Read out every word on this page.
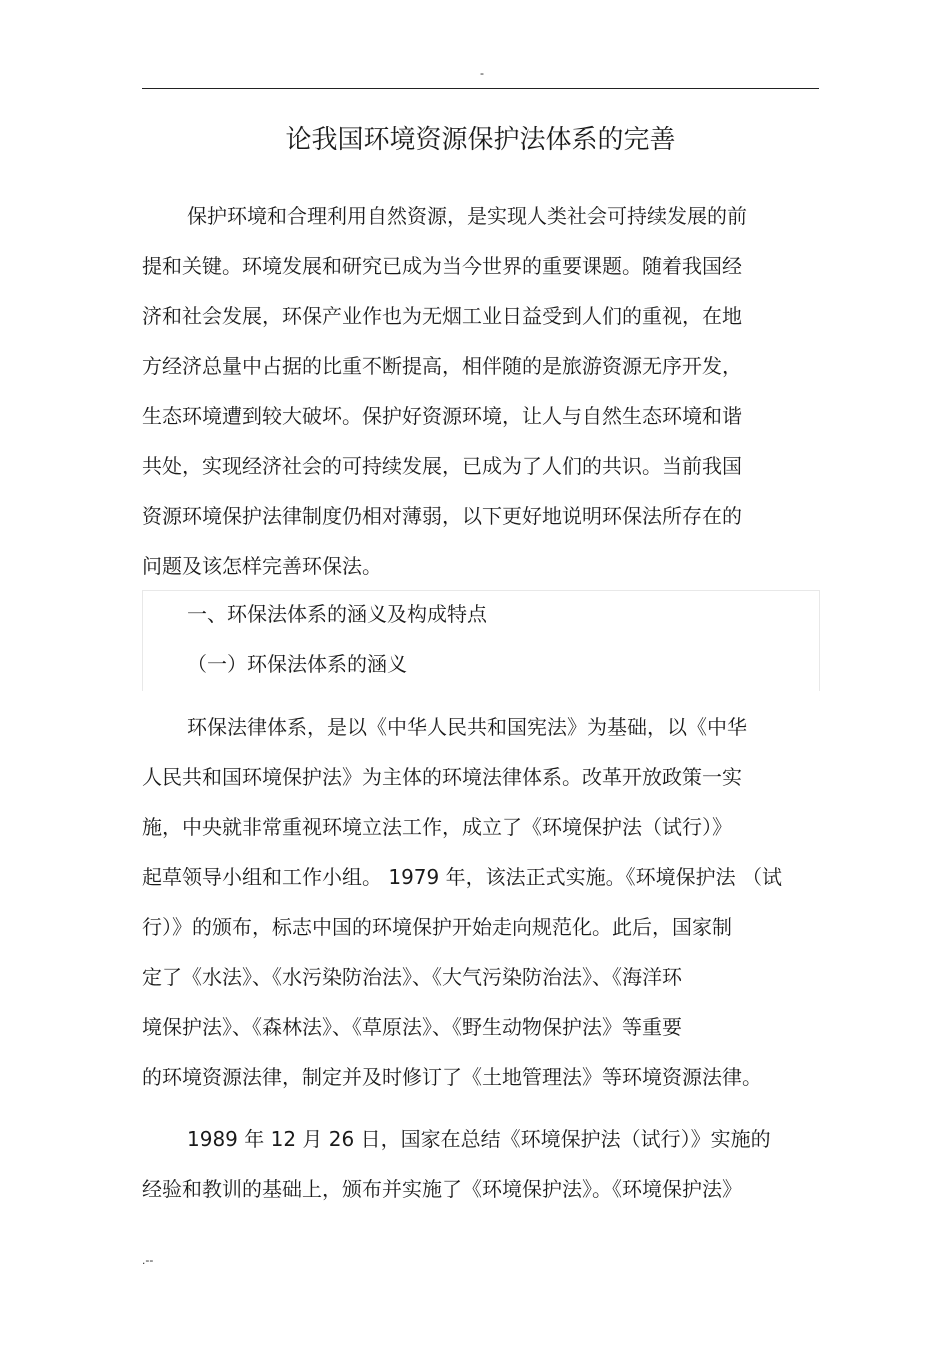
-
论我国环境资源保护法体系的完善
保护环境和合理利用自然资源，是实现人类社会可持续发展的前
提和关键。环境发展和研究已成为当今世界的重要课题。随着我国经
济和社会发展，环保产业作也为无烟工业日益受到人们的重视，在地
方经济总量中占据的比重不断提高，相伴随的是旅游资源无序开发，
生态环境遭到较大破坏。保护好资源环境，让人与自然生态环境和谐
共处，实现经济社会的可持续发展，已成为了人们的共识。当前我国
资源环境保护法律制度仍相对薄弱，以下更好地说明环保法所存在的
问题及该怎样完善环保法。
一、环保法体系的涵义及构成特点
（一）环保法体系的涵义
环保法律体系，是以《中华人民共和国宪法》为基础，以《中华
人民共和国环境保护法》为主体的环境法律体系。改革开放政策一实
施，中央就非常重视环境立法工作，成立了《环境保护法（试行）》
起草领导小组和工作小组。 1979 年，该法正式实施。《环境保护法 （试
行）》的颁布，标志中国的环境保护开始走向规范化。此后，国家制
定了《水法》、《水污染防治法》、《大气污染防治法》、《海洋环
境保护法》、《森林法》、《草原法》、《野生动物保护法》等重要
的环境资源法律，制定并及时修订了《土地管理法》等环境资源法律。
1989 年 12 月 26 日，国家在总结《环境保护法（试行）》实施的
经验和教训的基础上，颁布并实施了《环境保护法》。《环境保护法》
.--
